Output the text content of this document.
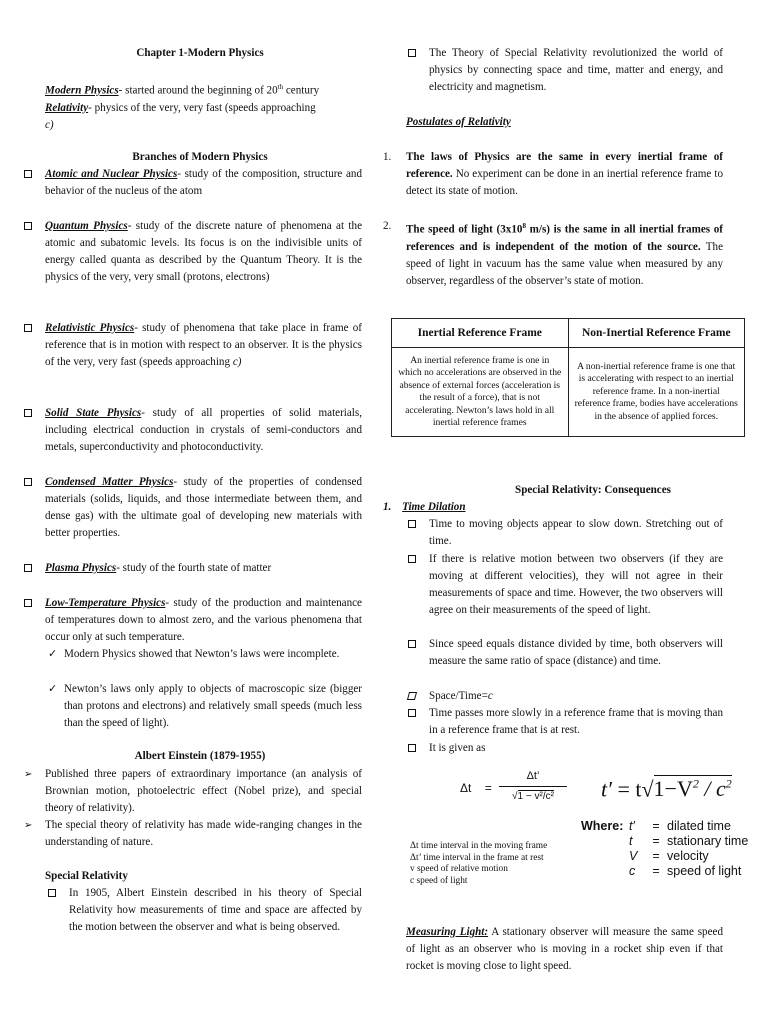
Chapter 1-Modern Physics
Modern Physics- started around the beginning of 20th century
Relativity- physics of the very, very fast (speeds approaching
c)
Branches of Modern Physics
Atomic and Nuclear Physics- study of the composition, structure and behavior of the nucleus of the atom
Quantum Physics- study of the discrete nature of phenomena at the atomic and subatomic levels. Its focus is on the indivisible units of energy called quanta as described by the Quantum Theory. It is the physics of the very, very small (protons, electrons)
Relativistic Physics- study of phenomena that take place in frame of reference that is in motion with respect to an observer. It is the physics of the very, very fast (speeds approaching c)
Solid State Physics- study of all properties of solid materials, including electrical conduction in crystals of semi-conductors and metals, superconductivity and photoconductivity.
Condensed Matter Physics- study of the properties of condensed materials (solids, liquids, and those intermediate between them, and dense gas) with the ultimate goal of developing new materials with better properties.
Plasma Physics- study of the fourth state of matter
Low-Temperature Physics- study of the production and maintenance of temperatures down to almost zero, and the various phenomena that occur only at such temperature.
✓ Modern Physics showed that Newton’s laws were incomplete.
✓ Newton’s laws only apply to objects of macroscopic size (bigger than protons and electrons) and relatively small speeds (much less than the speed of light).
Albert Einstein (1879-1955)
➢ Published three papers of extraordinary importance (an analysis of Brownian motion, photoelectric effect (Nobel prize), and special theory of relativity).
➢ The special theory of relativity has made wide-ranging changes in the understanding of nature.
Special Relativity
In 1905, Albert Einstein described in his theory of Special Relativity how measurements of time and space are affected by the motion between the observer and what is being observed.
The Theory of Special Relativity revolutionized the world of physics by connecting space and time, matter and energy, and electricity and magnetism.
Postulates of Relativity
1. The laws of Physics are the same in every inertial frame of reference. No experiment can be done in an inertial reference frame to detect its state of motion.
2. The speed of light ($3x10^8$ m/s) is the same in all inertial frames of references and is independent of the motion of the source. The speed of light in vacuum has the same value when measured by any observer, regardless of the observer’s state of motion.
Inertial Reference Frame	Non-Inertial Reference Frame
An inertial reference frame is one in which no accelerations are observed in the absence of external forces (acceleration is the result of a force), that is not accelerating. Newton’s laws hold in all inertial reference frames	A non-inertial reference frame is one that is accelerating with respect to an inertial reference frame. In a non-inertial reference frame, bodies have accelerations in the absence of applied forces.
Special Relativity: Consequences
1. Time Dilation
Time to moving objects appear to slow down. Stretching out of time.
If there is relative motion between two observers (if they are moving at different velocities), they will not agree in their measurements of space and time. However, the two observers will agree on their measurements of the speed of light.
Since speed equals distance divided by time, both observers will measure the same ratio of space (distance) and time.
Space/Time=c
Time passes more slowly in a reference frame that is moving than in a reference frame that is at rest.
It is given as
Measuring Light: A stationary observer will measure the same speed of light as an observer who is moving in a rocket ship even if that rocket is moving close to light speed.
Δt =
Δt’
√1 − v²/c²	$t' = t√1-V^2 / c^2$
Δt time interval in the moving frame
Δt’ time interval in the frame at rest
v speed of relative motion
c speed of light
Where: t′	= dilated time
t	= stationary time
V	= velocity
c	= speed of light
